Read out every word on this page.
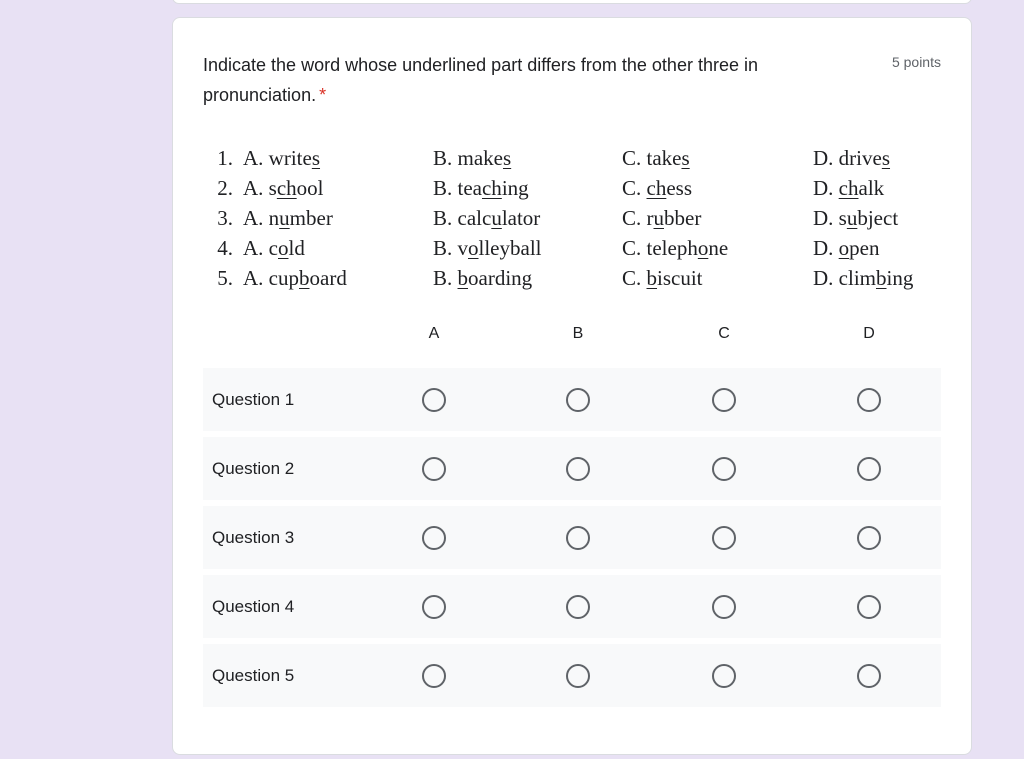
Indicate the word whose underlined part differs from the other three in pronunciation. *
5 points
1. A. writes	B. makes	C. takes	D. drives
2. A. school	B. teaching	C. chess	D. chalk
3. A. number	B. calculator	C. rubber	D. subject
4. A. cold	B. volleyball	C. telephone	D. open
5. A. cupboard	B. boarding	C. biscuit	D. climbing
A	B	C	D
Question 1
Question 2
Question 3
Question 4
Question 5
